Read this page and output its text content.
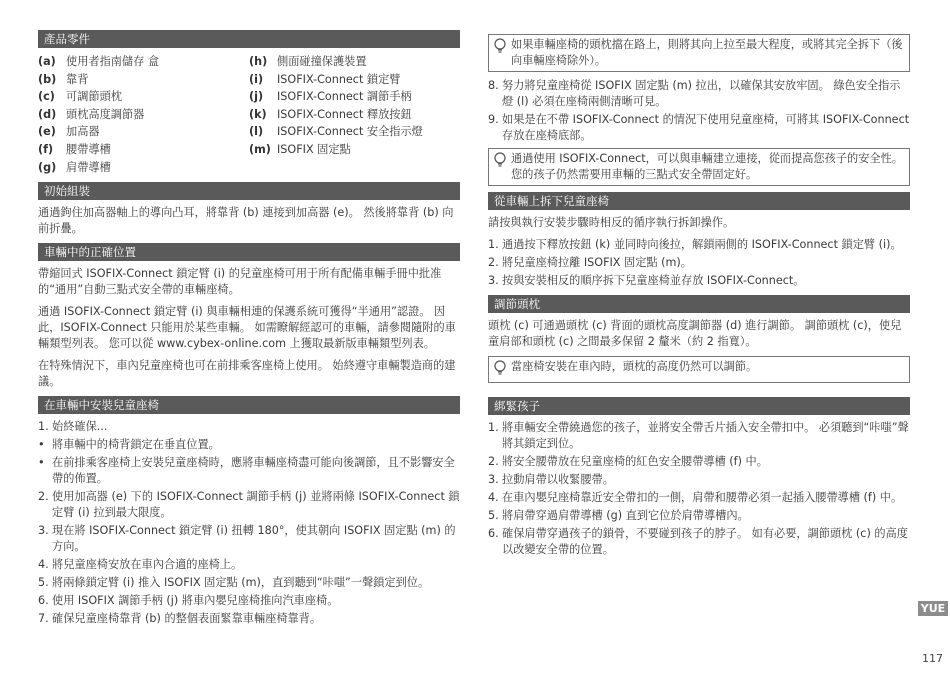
產品零件
(a) 使用者指南儲存 盒
(b) 靠背
(c) 可調節頭枕
(d) 頭枕高度調節器
(e) 加高器
(f)	腰帶導槽
(g) 肩帶導槽
(h) 側面碰撞保護裝置
(i)	ISOFIX-Connect 鎖定臂
(j)	ISOFIX-Connect 調節手柄
(k) ISOFIX-Connect 釋放按鈕
(l)	ISOFIX-Connect 安全指示燈
(m) ISOFIX 固定點
初始組裝
通過鉤住加高器軸上的導向凸耳，將靠背 (b) 連接到加高器 (e)。 然後將靠背 (b) 向前折疊。
車輛中的正確位置
帶縮回式 ISOFIX-Connect 鎖定臂 (i) 的兒童座椅可用于所有配備車輛手冊中批准的“通用”自動三點式安全帶的車輛座椅。
通過 ISOFIX-Connect 鎖定臂 (i) 與車輛相連的保護系統可獲得“半通用”認證。 因此，ISOFIX-Connect 只能用於某些車輛。 如需瞭解經認可的車輛，請參閱隨附的車輛類型列表。 您可以從 www.cybex-online.com 上獲取最新版車輛類型列表。
在特殊情況下，車內兒童座椅也可在前排乘客座椅上使用。 始終遵守車輛製造商的建議。
在車輛中安裝兒童座椅
1. 始終確保...
• 將車輛中的椅背鎖定在垂直位置。
• 在前排乘客座椅上安裝兒童座椅時，應將車輛座椅盡可能向後調節，且不影響安全帶的佈置。
2. 使用加高器 (e) 下的 ISOFIX-Connect 調節手柄 (j) 並將兩條 ISOFIX-Connect 鎖定臂 (i) 拉到最大限度。
3. 現在將 ISOFIX-Connect 鎖定臂 (i) 扭轉 180°，使其朝向 ISOFIX 固定點 (m) 的方向。
4. 將兒童座椅安放在車內合適的座椅上。
5. 將兩條鎖定臂 (i) 推入 ISOFIX 固定點 (m)，直到聽到“咔嗤”一聲鎖定到位。
6. 使用 ISOFIX 調節手柄 (j) 將車內嬰兒座椅推向汽車座椅。
7. 確保兒童座椅靠背 (b) 的整個表面緊靠車輛座椅靠背。
如果車輛座椅的頭枕擋在路上，則將其向上拉至最大程度，或將其完全拆下（後向車輛座椅除外）。
8. 努力將兒童座椅從 ISOFIX 固定點 (m) 拉出，以確保其安放牢固。 綠色安全指示燈 (l) 必須在座椅兩側清晰可見。
9. 如果是在不帶 ISOFIX-Connect 的情況下使用兒童座椅，可將其 ISOFIX-Connect 存放在座椅底部。
通過使用 ISOFIX-Connect，可以與車輛建立連接，從而提高您孩子的安全性。 您的孩子仍然需要用車輛的三點式安全帶固定好。
從車輛上拆下兒童座椅
請按與執行安裝步驟時相反的循序執行拆卸操作。
1. 通過按下釋放按鈕 (k) 並同時向後拉，解鎖兩側的 ISOFIX-Connect 鎖定臂 (i)。
2. 將兒童座椅拉離 ISOFIX 固定點 (m)。
3. 按與安裝相反的順序拆下兒童座椅並存放 ISOFIX-Connect。
調節頭枕
頭枕 (c) 可通過頭枕 (c) 背面的頭枕高度調節器 (d) 進行調節。 調節頭枕 (c)，使兒童肩部和頭枕 (c) 之間最多保留 2 釐米（約 2 指寬）。
當座椅安裝在車內時，頭枕的高度仍然可以調節。
綁緊孩子
1. 將車輛安全帶繞過您的孩子，並將安全帶舌片插入安全帶扣中。 必須聽到“咔嗤”聲將其鎖定到位。
2. 將安全腰帶放在兒童座椅的紅色安全腰帶導槽 (f) 中。
3. 拉動肩帶以收緊腰帶。
4. 在車內嬰兒座椅靠近安全帶扣的一側，肩帶和腰帶必須一起插入腰帶導槽 (f) 中。
5. 將肩帶穿過肩帶導槽 (g) 直到它位於肩帶導槽內。
6. 確保肩帶穿過孩子的鎖骨，不要碰到孩子的脖子。 如有必要，調節頭枕 (c) 的高度以改變安全帶的位置。
YUE
117
